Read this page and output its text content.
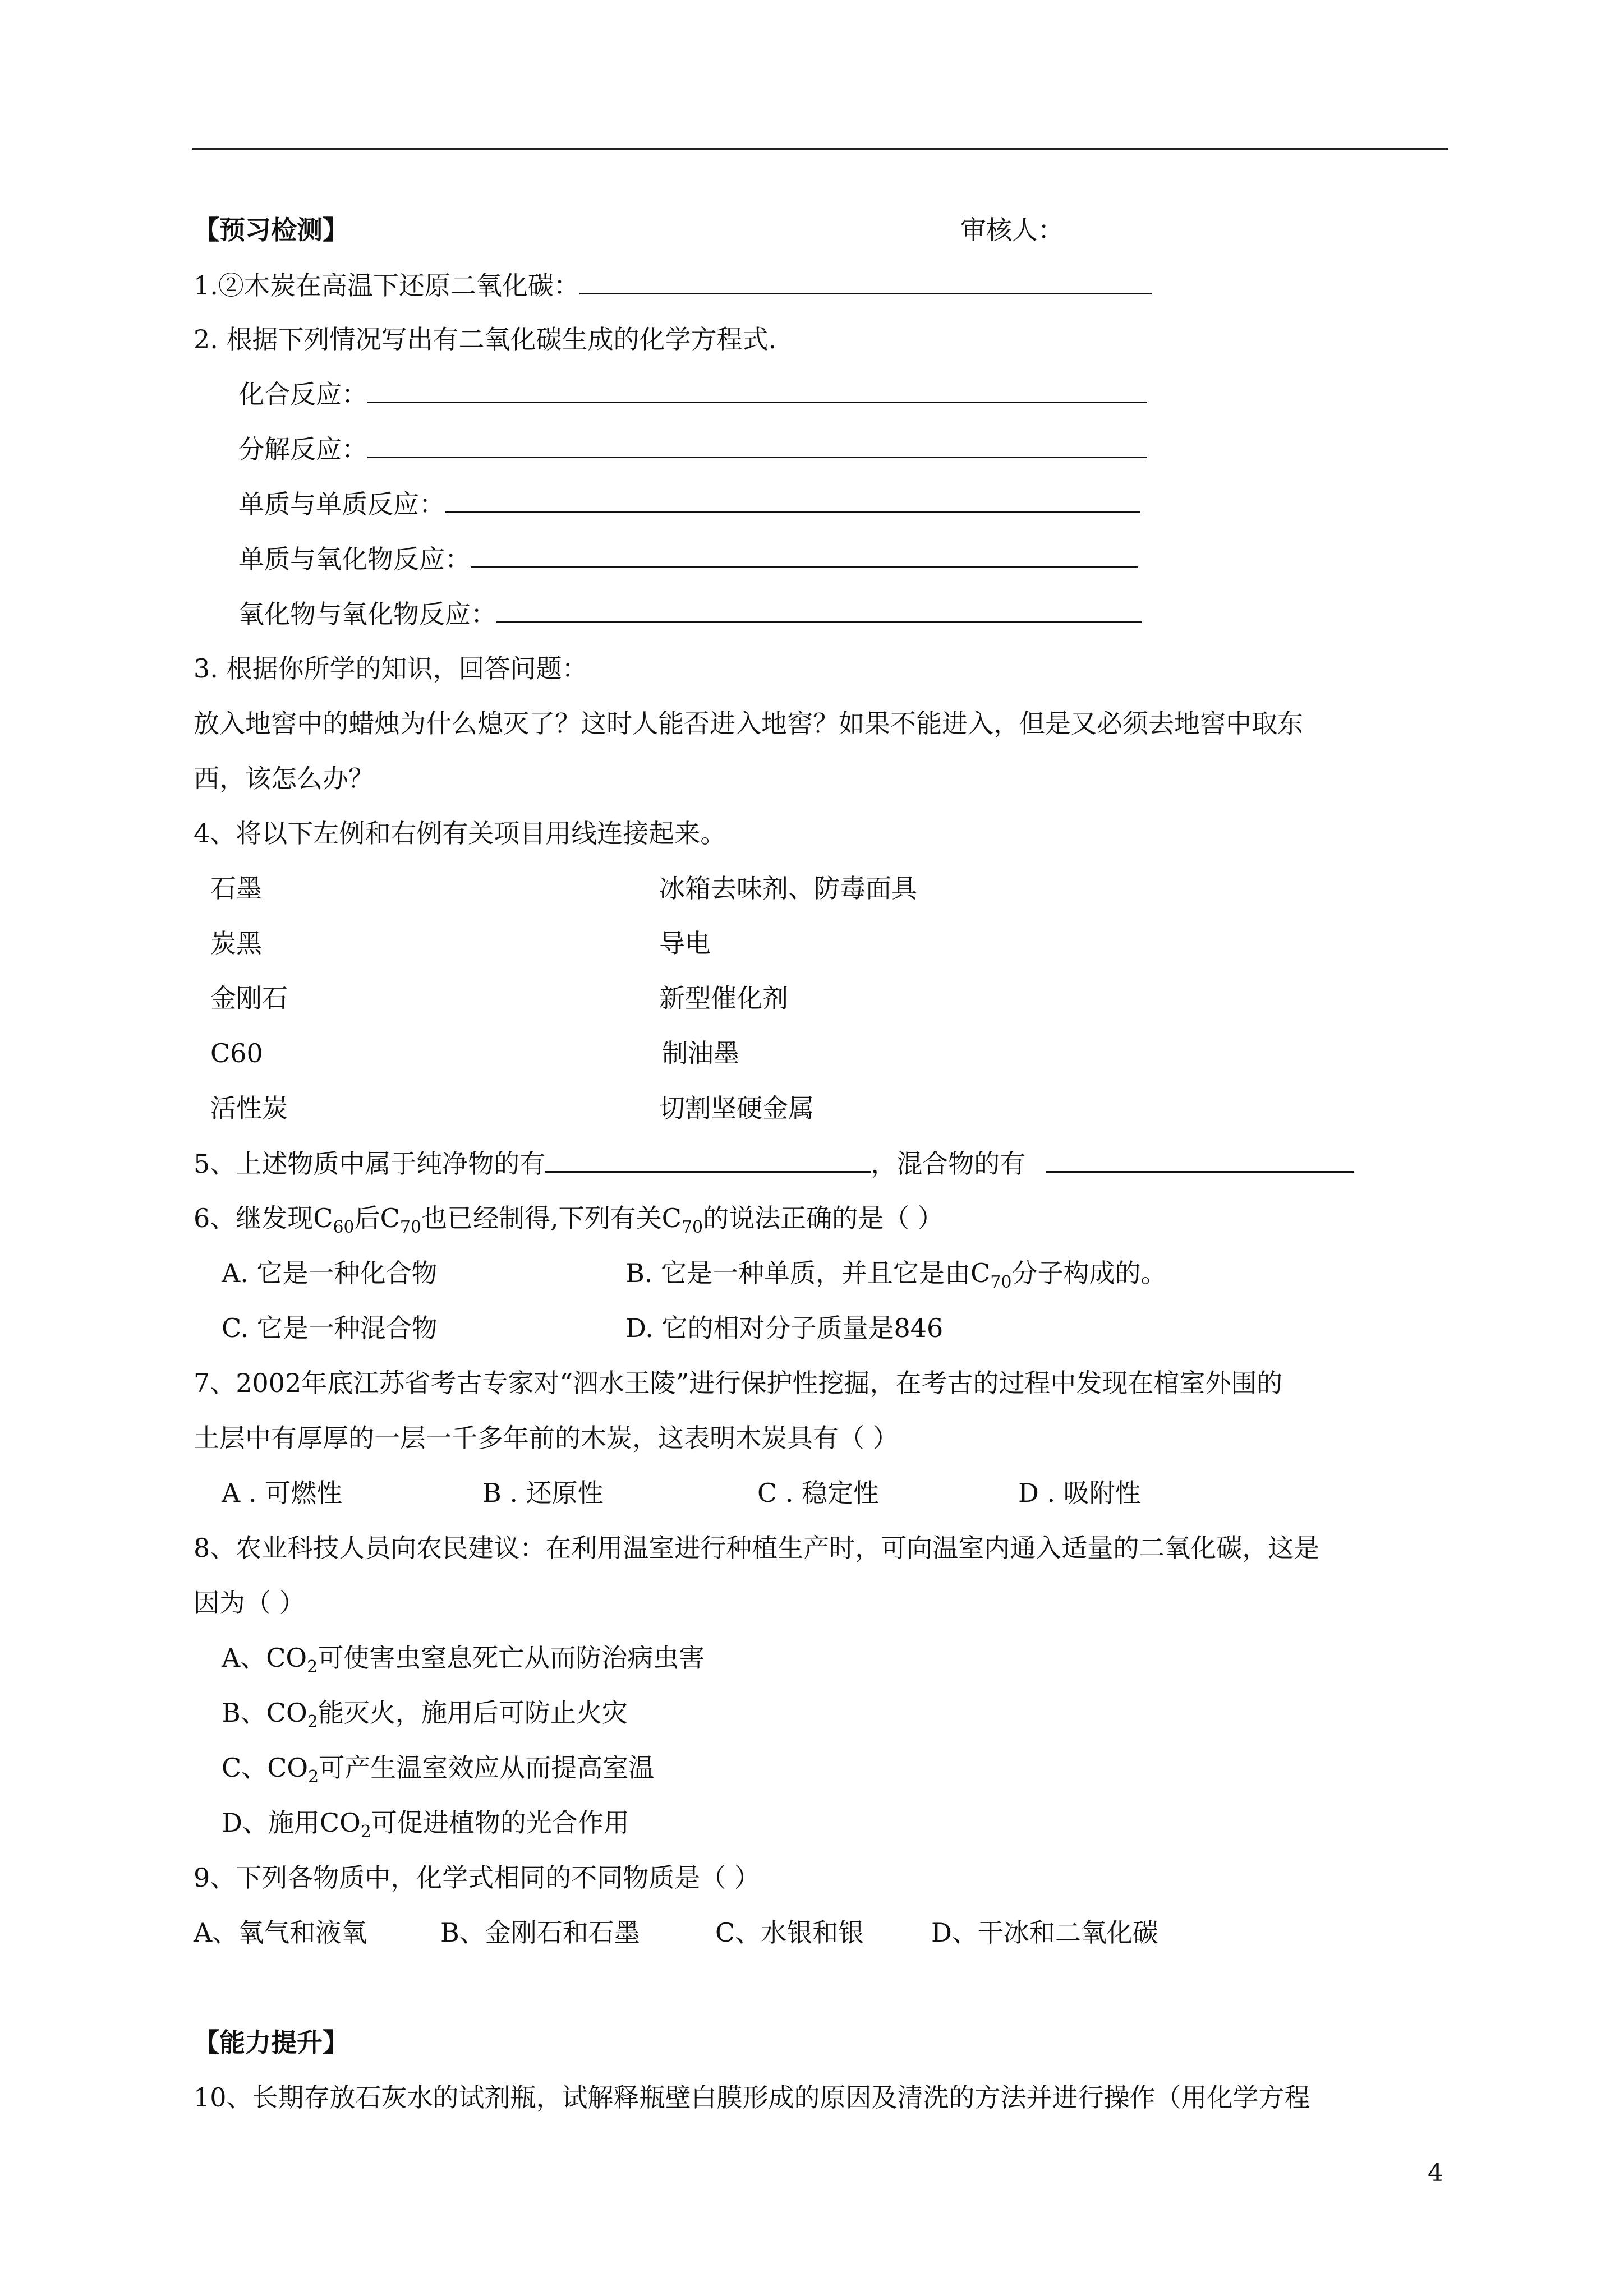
【预习检测】	审核人：
1.②木炭在高温下还原二氧化碳：
2. 根据下列情况写出有二氧化碳生成的化学方程式.
化合反应：
分解反应：
单质与单质反应：
单质与氧化物反应：
氧化物与氧化物反应：
3. 根据你所学的知识，回答问题：
放入地窖中的蜡烛为什么熄灭了？这时人能否进入地窖？如果不能进入，但是又必须去地窖中取东
西，该怎么办？
4、将以下左例和右例有关项目用线连接起来。
石墨	冰箱去味剂、防毒面具
炭黑	导电
金刚石	新型催化剂
C60	制油墨
活性炭	切割坚硬金属
5、上述物质中属于纯净物的有	，混合物的有
6、继发现$C_{60}$后$C_{70}$也已经制得,下列有关$C_{70}$的说法正确的是（ ）
A. 它是一种化合物	B. 它是一种单质，并且它是由$C_{70}$分子构成的。
C. 它是一种混合物	D. 它的相对分子质量是846
7、2002年底江苏省考古专家对“泗水王陵”进行保护性挖掘，在考古的过程中发现在棺室外围的
土层中有厚厚的一层一千多年前的木炭，这表明木炭具有（ ）
A . 可燃性	B . 还原性	C . 稳定性	D . 吸附性
8、农业科技人员向农民建议：在利用温室进行种植生产时，可向温室内通入适量的二氧化碳，这是
因为（ ）
A、$CO_2$可使害虫窒息死亡从而防治病虫害
B、$CO_2$能灭火，施用后可防止火灾
C、$CO_2$可产生温室效应从而提高室温
D、施用$CO_2$可促进植物的光合作用
9、下列各物质中，化学式相同的不同物质是（ ）
A、氧气和液氧	B、金刚石和石墨	C、水银和银	D、干冰和二氧化碳
【能力提升】
10、长期存放石灰水的试剂瓶，试解释瓶壁白膜形成的原因及清洗的方法并进行操作（用化学方程
4
